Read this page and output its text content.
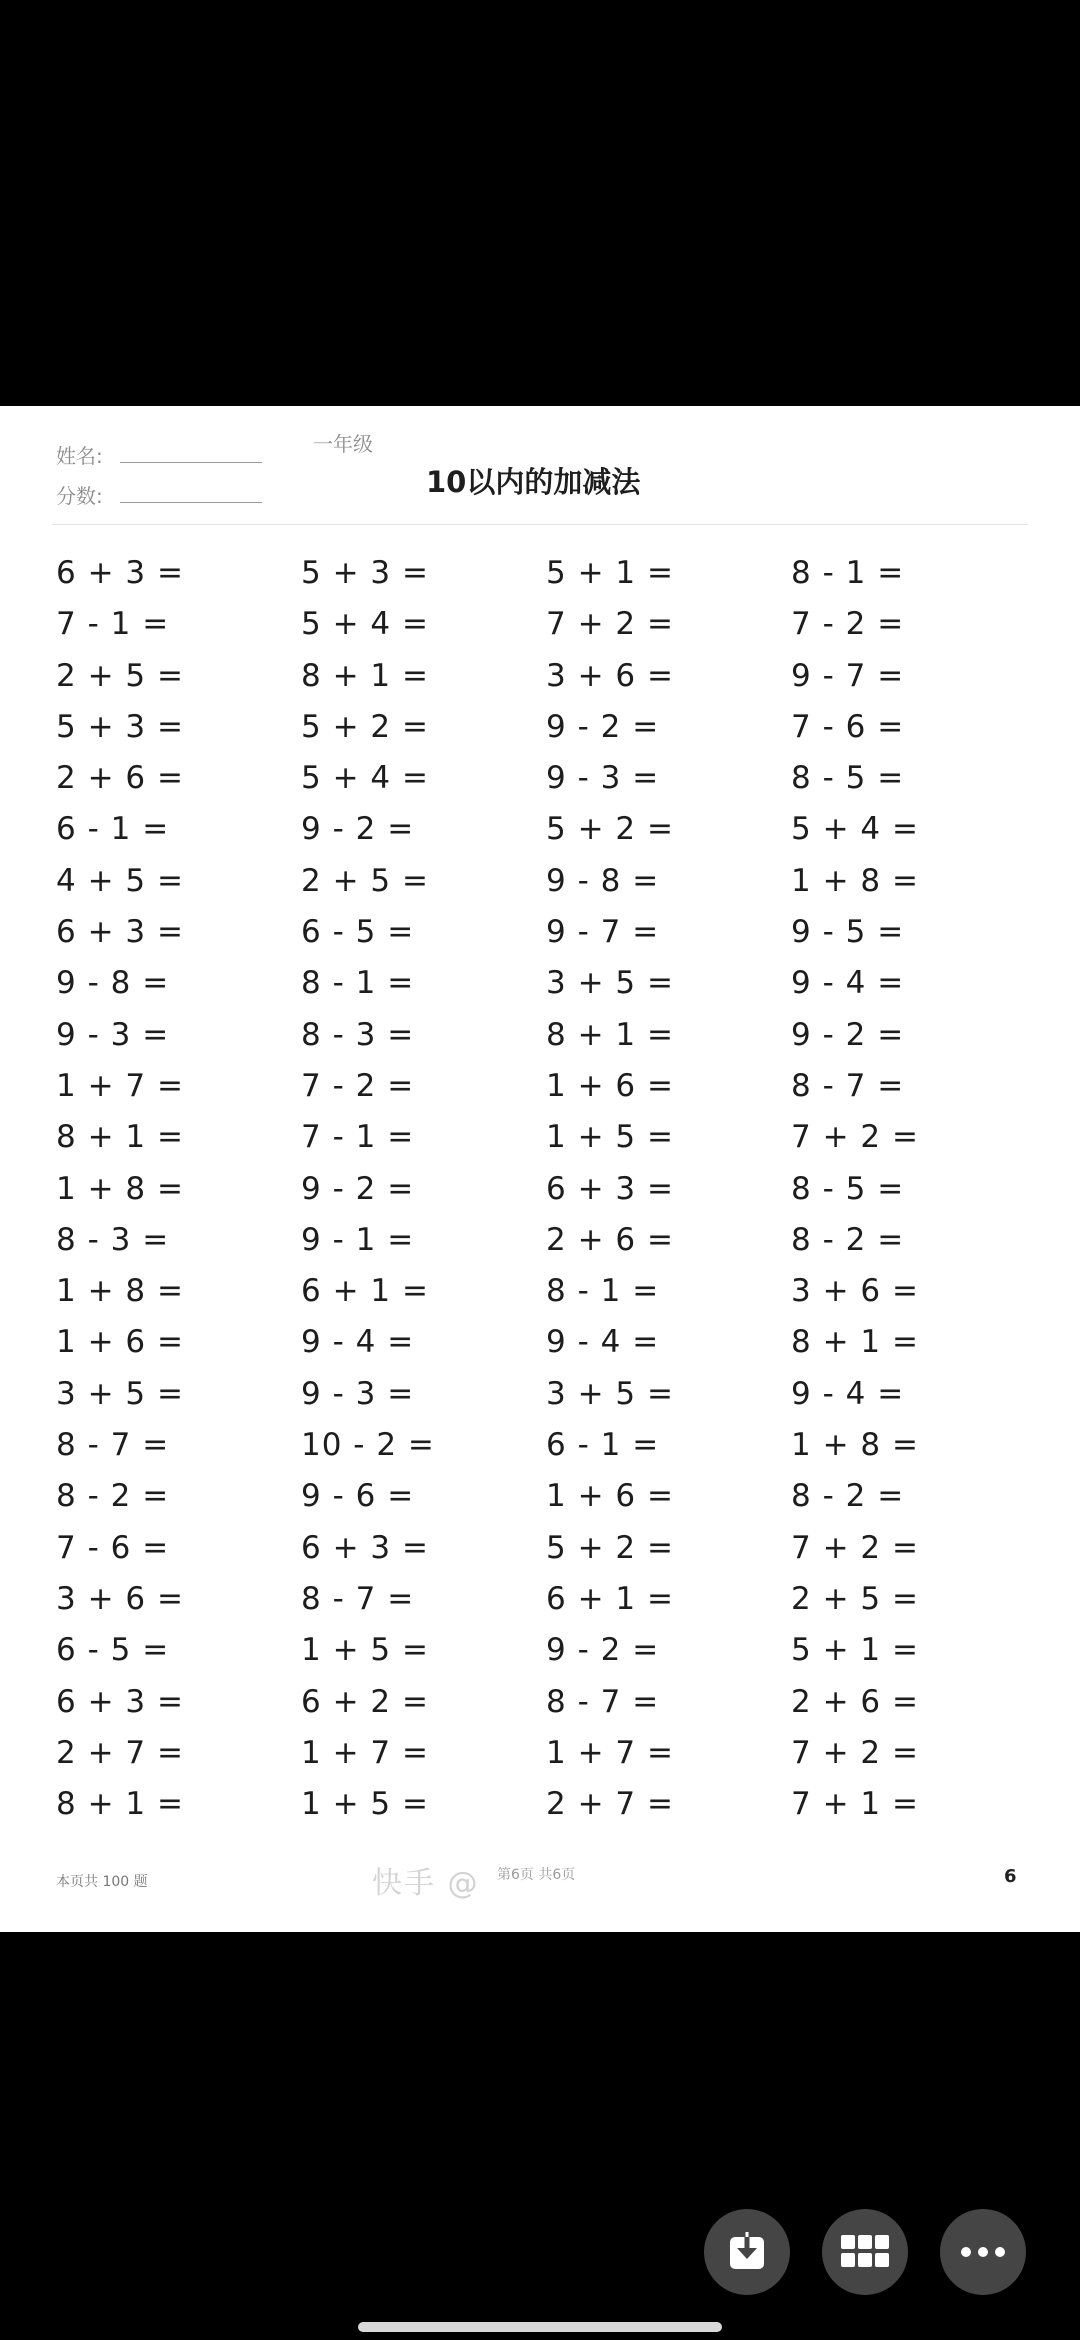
姓名:
分数:
一年级
10以内的加减法
6 + 3 =	5 + 3 =	5 + 1 =	8 - 1 =
7 - 1 =	5 + 4 =	7 + 2 =	7 - 2 =
2 + 5 =	8 + 1 =	3 + 6 =	9 - 7 =
5 + 3 =	5 + 2 =	9 - 2 =	7 - 6 =
2 + 6 =	5 + 4 =	9 - 3 =	8 - 5 =
6 - 1 =	9 - 2 =	5 + 2 =	5 + 4 =
4 + 5 =	2 + 5 =	9 - 8 =	1 + 8 =
6 + 3 =	6 - 5 =	9 - 7 =	9 - 5 =
9 - 8 =	8 - 1 =	3 + 5 =	9 - 4 =
9 - 3 =	8 - 3 =	8 + 1 =	9 - 2 =
1 + 7 =	7 - 2 =	1 + 6 =	8 - 7 =
8 + 1 =	7 - 1 =	1 + 5 =	7 + 2 =
1 + 8 =	9 - 2 =	6 + 3 =	8 - 5 =
8 - 3 =	9 - 1 =	2 + 6 =	8 - 2 =
1 + 8 =	6 + 1 =	8 - 1 =	3 + 6 =
1 + 6 =	9 - 4 =	9 - 4 =	8 + 1 =
3 + 5 =	9 - 3 =	3 + 5 =	9 - 4 =
8 - 7 =	10 - 2 =	6 - 1 =	1 + 8 =
8 - 2 =	9 - 6 =	1 + 6 =	8 - 2 =
7 - 6 =	6 + 3 =	5 + 2 =	7 + 2 =
3 + 6 =	8 - 7 =	6 + 1 =	2 + 5 =
6 - 5 =	1 + 5 =	9 - 2 =	5 + 1 =
6 + 3 =	6 + 2 =	8 - 7 =	2 + 6 =
2 + 7 =	1 + 7 =	1 + 7 =	7 + 2 =
8 + 1 =	1 + 5 =	2 + 7 =	7 + 1 =
本页共 100 题	快手 @ 第6页 共6页	6
